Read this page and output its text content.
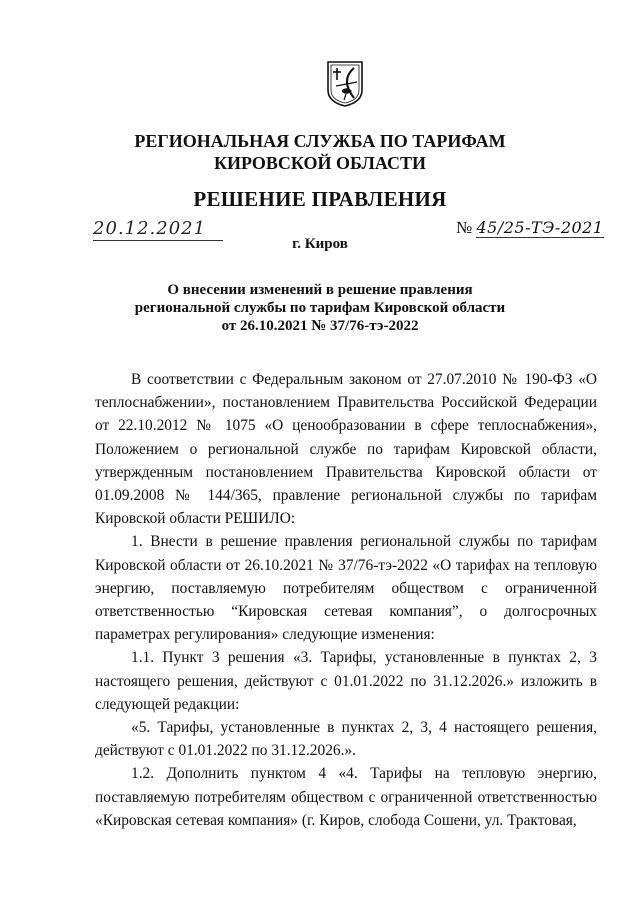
РЕГИОНАЛЬНАЯ СЛУЖБА ПО ТАРИФАМ
КИРОВСКОЙ ОБЛАСТИ
РЕШЕНИЕ ПРАВЛЕНИЯ
20.12.2021	№ 45/25-ТЭ-2021
г. Киров
О внесении изменений в решение правления
региональной службы по тарифам Кировской области
от 26.10.2021 № 37/76-тэ-2022

В соответствии с Федеральным законом от 27.07.2010 № 190-ФЗ «О теплоснабжении», постановлением Правительства Российской Федерации от 22.10.2012 № 1075 «О ценообразовании в сфере теплоснабжения», Положением о региональной службе по тарифам Кировской области, утвержденным постановлением Правительства Кировской области от 01.09.2008 № 144/365, правление региональной службы по тарифам Кировской области РЕШИЛО:

1. Внести в решение правления региональной службы по тарифам Кировской области от 26.10.2021 № 37/76-тэ-2022 «О тарифах на тепловую энергию, поставляемую потребителям обществом с ограниченной ответственностью “Кировская сетевая компания”, о долгосрочных параметрах регулирования» следующие изменения:

1.1. Пункт 3 решения «3. Тарифы, установленные в пунктах 2, 3 настоящего решения, действуют с 01.01.2022 по 31.12.2026.» изложить в следующей редакции:

«5. Тарифы, установленные в пунктах 2, 3, 4 настоящего решения, действуют с 01.01.2022 по 31.12.2026.».

1.2. Дополнить пунктом 4 «4. Тарифы на тепловую энергию, поставляемую потребителям обществом с ограниченной ответственностью «Кировская сетевая компания» (г. Киров, слобода Сошени, ул. Трактовая,
